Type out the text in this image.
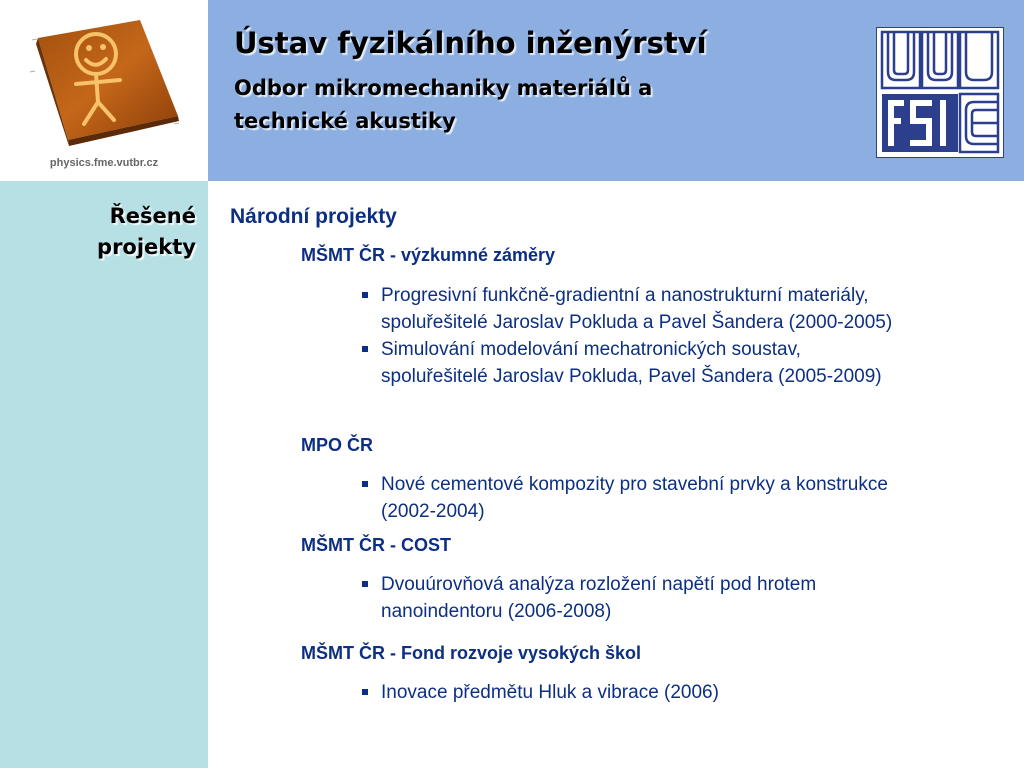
physics.fme.vutbr.cz
Ústav fyzikálního inženýrství
Odbor mikromechaniky materiálů a
technické akustiky
Řešené
projekty
Národní projekty
MŠMT ČR - výzkumné záměry
Progresivní funkčně-gradientní a nanostrukturní materiály,
spoluřešitelé Jaroslav Pokluda a Pavel Šandera (2000-2005)
Simulování modelování mechatronických soustav,
spoluřešitelé Jaroslav Pokluda, Pavel Šandera (2005-2009)
MPO ČR
Nové cementové kompozity pro stavební prvky a konstrukce
(2002-2004)
MŠMT ČR - COST
Dvouúrovňová analýza rozložení napětí pod hrotem
nanoindentoru (2006-2008)
MŠMT ČR - Fond rozvoje vysokých škol
Inovace předmětu Hluk a vibrace (2006)
